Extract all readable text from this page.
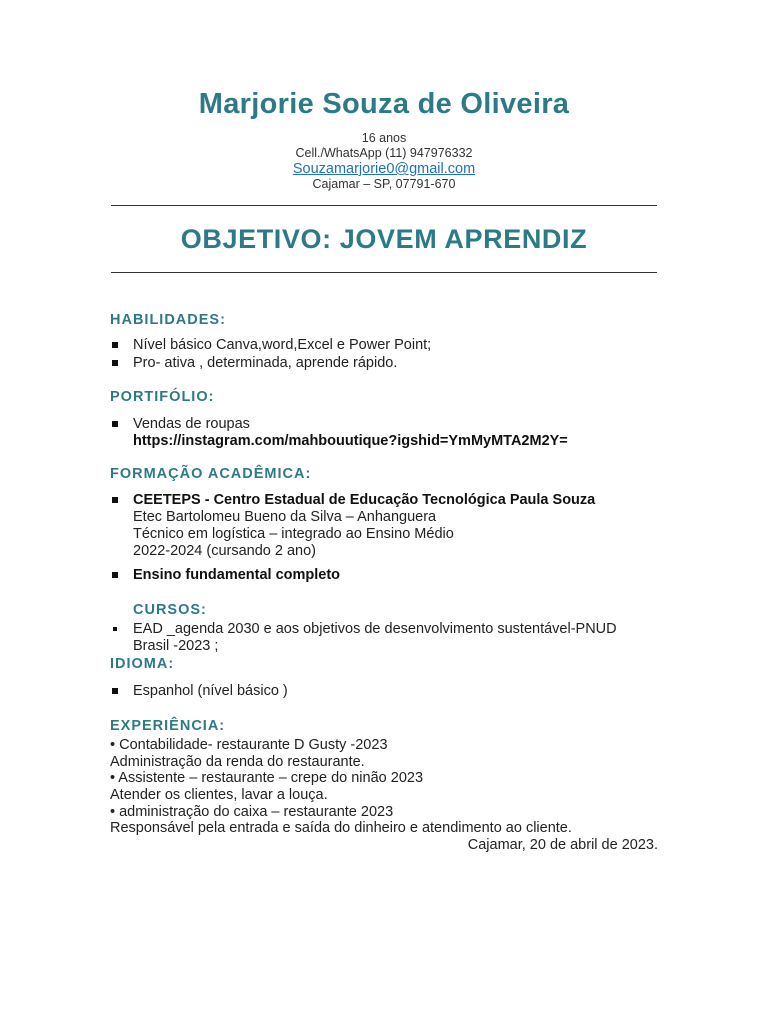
Marjorie Souza de Oliveira
16 anos
Cell./WhatsApp (11) 947976332
Souzamarjorie0@gmail.com
Cajamar – SP, 07791-670
OBJETIVO: JOVEM APRENDIZ
HABILIDADES:
Nível básico Canva,word,Excel e Power Point;
Pro- ativa , determinada, aprende rápido.
PORTIFÓLIO:
Vendas de roupas
https://instagram.com/mahbouutique?igshid=YmMyMTA2M2Y=
FORMAÇÃO ACADÊMICA:
CEETEPS - Centro Estadual de Educação Tecnológica Paula Souza
Etec Bartolomeu Bueno da Silva – Anhanguera
Técnico em logística – integrado ao Ensino Médio
2022-2024 (cursando 2 ano)
Ensino fundamental completo
CURSOS:
EAD _agenda 2030 e aos objetivos de desenvolvimento sustentável-PNUD
Brasil -2023 ;
IDIOMA:
Espanhol (nível básico )
EXPERIÊNCIA:
• Contabilidade- restaurante D Gusty -2023
Administração da renda do restaurante.
• Assistente – restaurante – crepe do ninão 2023
Atender os clientes, lavar a louça.
• administração do caixa – restaurante 2023
Responsável pela entrada e saída do dinheiro e atendimento ao cliente.
Cajamar, 20 de abril de 2023.
